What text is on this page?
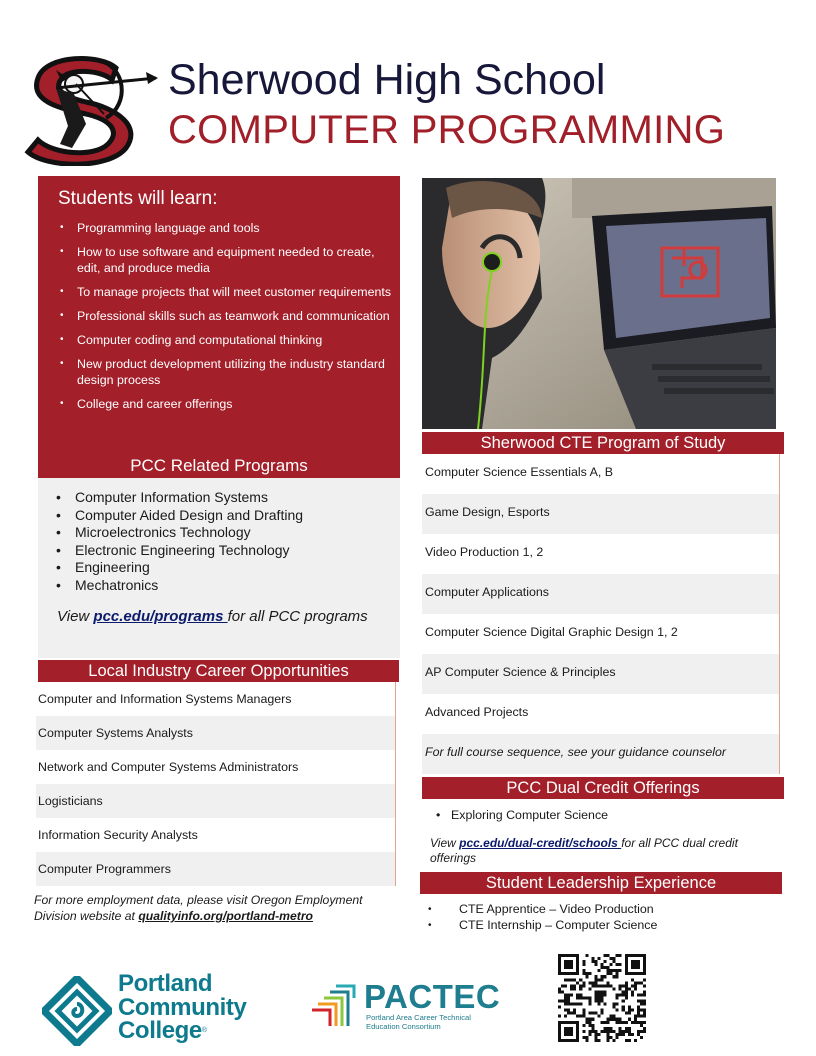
Sherwood High School
COMPUTER PROGRAMMING
Students will learn:
• Programming language and tools
• How to use software and equipment needed to create, edit, and produce media
• To manage projects that will meet customer requirements
• Professional skills such as teamwork and communication
• Computer coding and computational thinking
• New product development utilizing the industry standard design process
• College and career offerings
PCC Related Programs
• Computer Information Systems
• Computer Aided Design and Drafting
• Microelectronics Technology
• Electronic Engineering Technology
• Engineering
• Mechatronics
View pcc.edu/programs for all PCC programs
Local Industry Career Opportunities
Computer and Information Systems Managers
Computer Systems Analysts
Network and Computer Systems Administrators
Logisticians
Information Security Analysts
Computer Programmers
For more employment data, please visit Oregon Employment Division website at qualityinfo.org/portland-metro
Sherwood CTE Program of Study
Computer Science Essentials A, B
Game Design, Esports
Video Production 1, 2
Computer Applications
Computer Science Digital Graphic Design 1, 2
AP Computer Science & Principles
Advanced Projects
For full course sequence, see your guidance counselor
PCC Dual Credit Offerings
• Exploring Computer Science
View pcc.edu/dual-credit/schools for all PCC dual credit offerings
Student Leadership Experience
• CTE Apprentice – Video Production
• CTE Internship – Computer Science
Portland
Community
College®
PACTEC
Portland Area Career Technical Education Consortium
